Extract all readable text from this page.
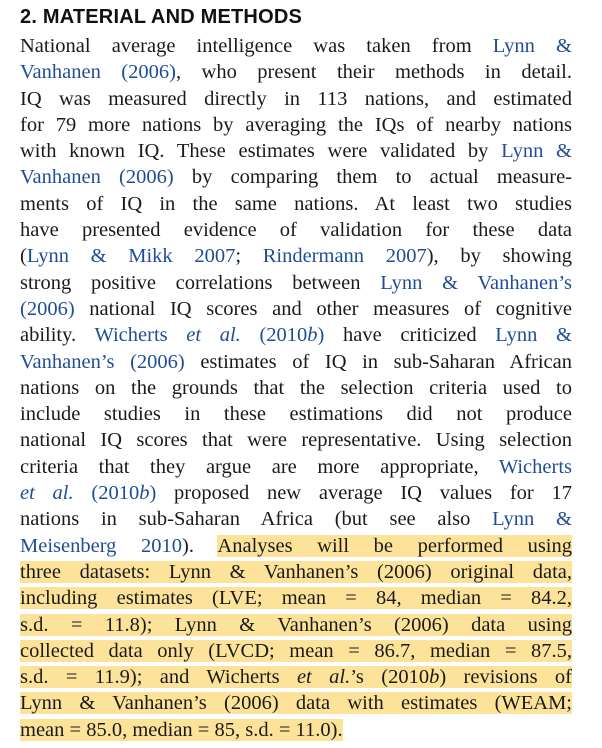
2. MATERIAL AND METHODS
National average intelligence was taken from Lynn &
Vanhanen (2006), who present their methods in detail.
IQ was measured directly in 113 nations, and estimated
for 79 more nations by averaging the IQs of nearby nations
with known IQ. These estimates were validated by Lynn &
Vanhanen (2006) by comparing them to actual measure-
ments of IQ in the same nations. At least two studies
have presented evidence of validation for these data
(Lynn & Mikk 2007; Rindermann 2007), by showing
strong positive correlations between Lynn & Vanhanen’s
(2006) national IQ scores and other measures of cognitive
ability. Wicherts et al. (2010b) have criticized Lynn &
Vanhanen’s (2006) estimates of IQ in sub-Saharan African
nations on the grounds that the selection criteria used to
include studies in these estimations did not produce
national IQ scores that were representative. Using selection
criteria that they argue are more appropriate, Wicherts
et al. (2010b) proposed new average IQ values for 17
nations in sub-Saharan Africa (but see also Lynn &
Meisenberg 2010). Analyses will be performed using
three datasets: Lynn & Vanhanen’s (2006) original data,
including estimates (LVE; mean = 84, median = 84.2,
s.d. = 11.8); Lynn & Vanhanen’s (2006) data using
collected data only (LVCD; mean = 86.7, median = 87.5,
s.d. = 11.9); and Wicherts et al.’s (2010b) revisions of
Lynn & Vanhanen’s (2006) data with estimates (WEAM;
mean = 85.0, median = 85, s.d. = 11.0).
